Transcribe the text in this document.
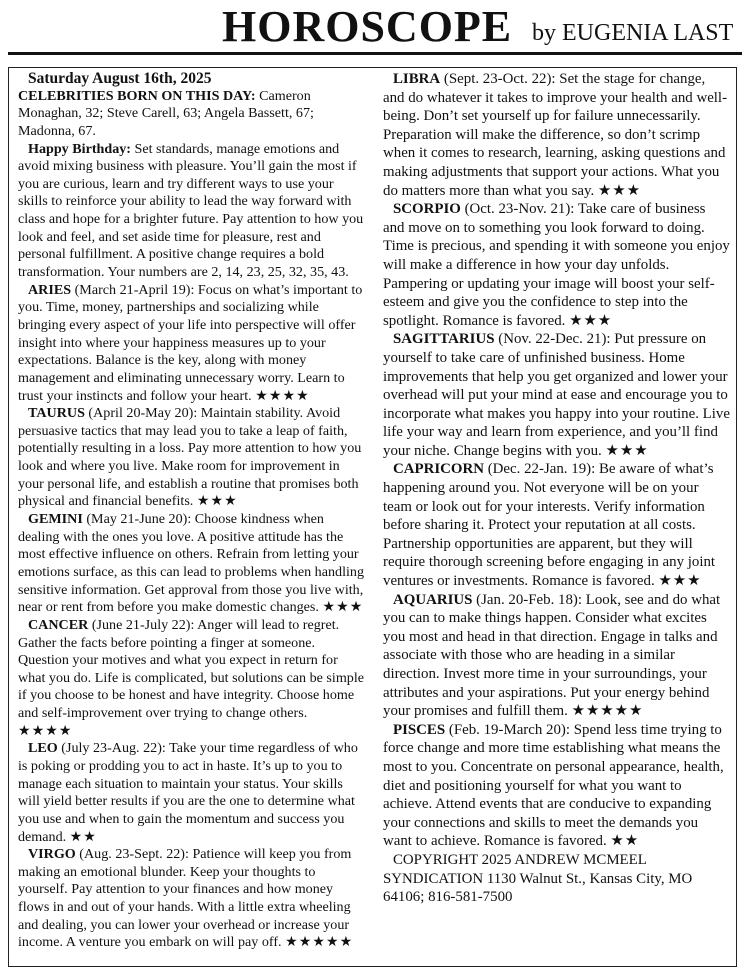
HOROSCOPE by EUGENIA LAST

Saturday August 16th, 2025

CELEBRITIES BORN ON THIS DAY: Cameron Monaghan, 32; Steve Carell, 63; Angela Bassett, 67; Madonna, 67.

Happy Birthday: Set standards, manage emotions and avoid mixing business with pleasure. You’ll gain the most if you are curious, learn and try different ways to use your skills to reinforce your ability to lead the way forward with class and hope for a brighter future. Pay attention to how you look and feel, and set aside time for pleasure, rest and personal fulfillment. A positive change requires a bold transformation. Your numbers are 2, 14, 23, 25, 32, 35, 43.

ARIES (March 21-April 19): Focus on what’s important to you. Time, money, partnerships and socializing while bringing every aspect of your life into perspective will offer insight into where your happiness measures up to your expectations. Balance is the key, along with money management and eliminating unnecessary worry. Learn to trust your instincts and follow your heart. ★★★★

TAURUS (April 20-May 20): Maintain stability. Avoid persuasive tactics that may lead you to take a leap of faith, potentially resulting in a loss. Pay more attention to how you look and where you live. Make room for improvement in your personal life, and establish a routine that promises both physical and financial benefits. ★★★

GEMINI (May 21-June 20): Choose kindness when dealing with the ones you love. A positive attitude has the most effective influence on others. Refrain from letting your emotions surface, as this can lead to problems when handling sensitive information. Get approval from those you live with, near or rent from before you make domestic changes. ★★★

CANCER (June 21-July 22): Anger will lead to regret. Gather the facts before pointing a finger at someone. Question your motives and what you expect in return for what you do. Life is complicated, but solutions can be simple if you choose to be honest and have integrity. Choose home and self-improvement over trying to change others. ★★★★

LEO (July 23-Aug. 22): Take your time regardless of who is poking or prodding you to act in haste. It’s up to you to manage each situation to maintain your status. Your skills will yield better results if you are the one to determine what you use and when to gain the momentum and success you demand. ★★

VIRGO (Aug. 23-Sept. 22): Patience will keep you from making an emotional blunder. Keep your thoughts to yourself. Pay attention to your finances and how money flows in and out of your hands. With a little extra wheeling and dealing, you can lower your overhead or increase your income. A venture you embark on will pay off. ★★★★★

LIBRA (Sept. 23-Oct. 22): Set the stage for change, and do whatever it takes to improve your health and well-being. Don’t set yourself up for failure unnecessarily. Preparation will make the difference, so don’t scrimp when it comes to research, learning, asking questions and making adjustments that support your actions. What you do matters more than what you say. ★★★

SCORPIO (Oct. 23-Nov. 21): Take care of business and move on to something you look forward to doing. Time is precious, and spending it with someone you enjoy will make a difference in how your day unfolds. Pampering or updating your image will boost your self-esteem and give you the confidence to step into the spotlight. Romance is favored. ★★★

SAGITTARIUS (Nov. 22-Dec. 21): Put pressure on yourself to take care of unfinished business. Home improvements that help you get organized and lower your overhead will put your mind at ease and encourage you to incorporate what makes you happy into your routine. Live life your way and learn from experience, and you’ll find your niche. Change begins with you. ★★★

CAPRICORN (Dec. 22-Jan. 19): Be aware of what’s happening around you. Not everyone will be on your team or look out for your interests. Verify information before sharing it. Protect your reputation at all costs. Partnership opportunities are apparent, but they will require thorough screening before engaging in any joint ventures or investments. Romance is favored. ★★★

AQUARIUS (Jan. 20-Feb. 18): Look, see and do what you can to make things happen. Consider what excites you most and head in that direction. Engage in talks and associate with those who are heading in a similar direction. Invest more time in your surroundings, your attributes and your aspirations. Put your energy behind your promises and fulfill them. ★★★★★

PISCES (Feb. 19-March 20): Spend less time trying to force change and more time establishing what means the most to you. Concentrate on personal appearance, health, diet and positioning yourself for what you want to achieve. Attend events that are conducive to expanding your connections and skills to meet the demands you want to achieve. Romance is favored. ★★

COPYRIGHT 2025 ANDREW MCMEEL SYNDICATION 1130 Walnut St., Kansas City, MO 64106; 816-581-7500
